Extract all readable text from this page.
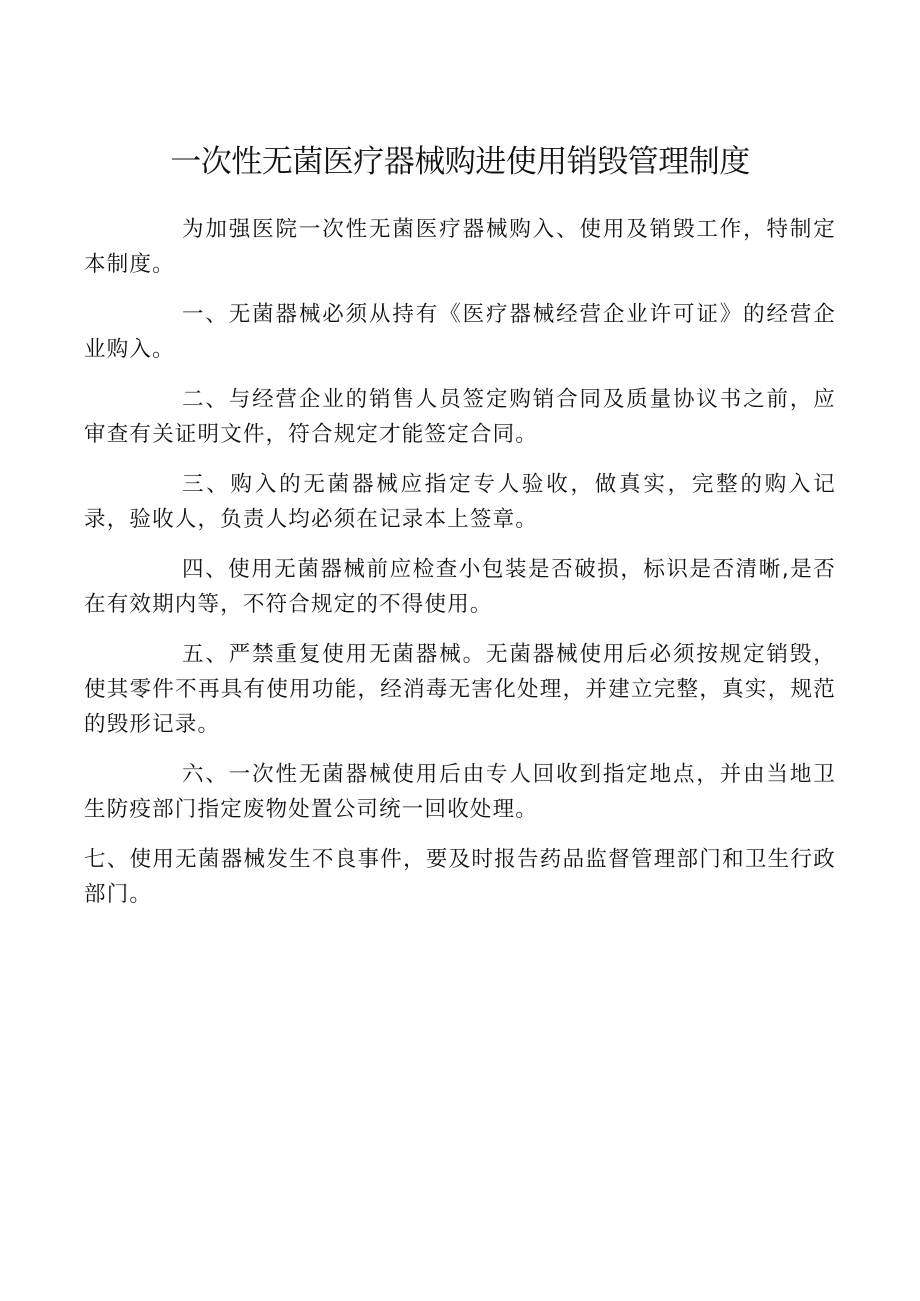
一次性无菌医疗器械购进使用销毁管理制度

为加强医院一次性无菌医疗器械购入、使用及销毁工作，特制定本制度。

一、无菌器械必须从持有《医疗器械经营企业许可证》的经营企业购入。

二、与经营企业的销售人员签定购销合同及质量协议书之前，应审查有关证明文件，符合规定才能签定合同。

三、购入的无菌器械应指定专人验收，做真实，完整的购入记录，验收人，负责人均必须在记录本上签章。

四、使用无菌器械前应检查小包装是否破损，标识是否清晰,是否在有效期内等，不符合规定的不得使用。

五、严禁重复使用无菌器械。无菌器械使用后必须按规定销毁，使其零件不再具有使用功能，经消毒无害化处理，并建立完整，真实，规范的毁形记录。

六、一次性无菌器械使用后由专人回收到指定地点，并由当地卫生防疫部门指定废物处置公司统一回收处理。

七、使用无菌器械发生不良事件，要及时报告药品监督管理部门和卫生行政部门。
